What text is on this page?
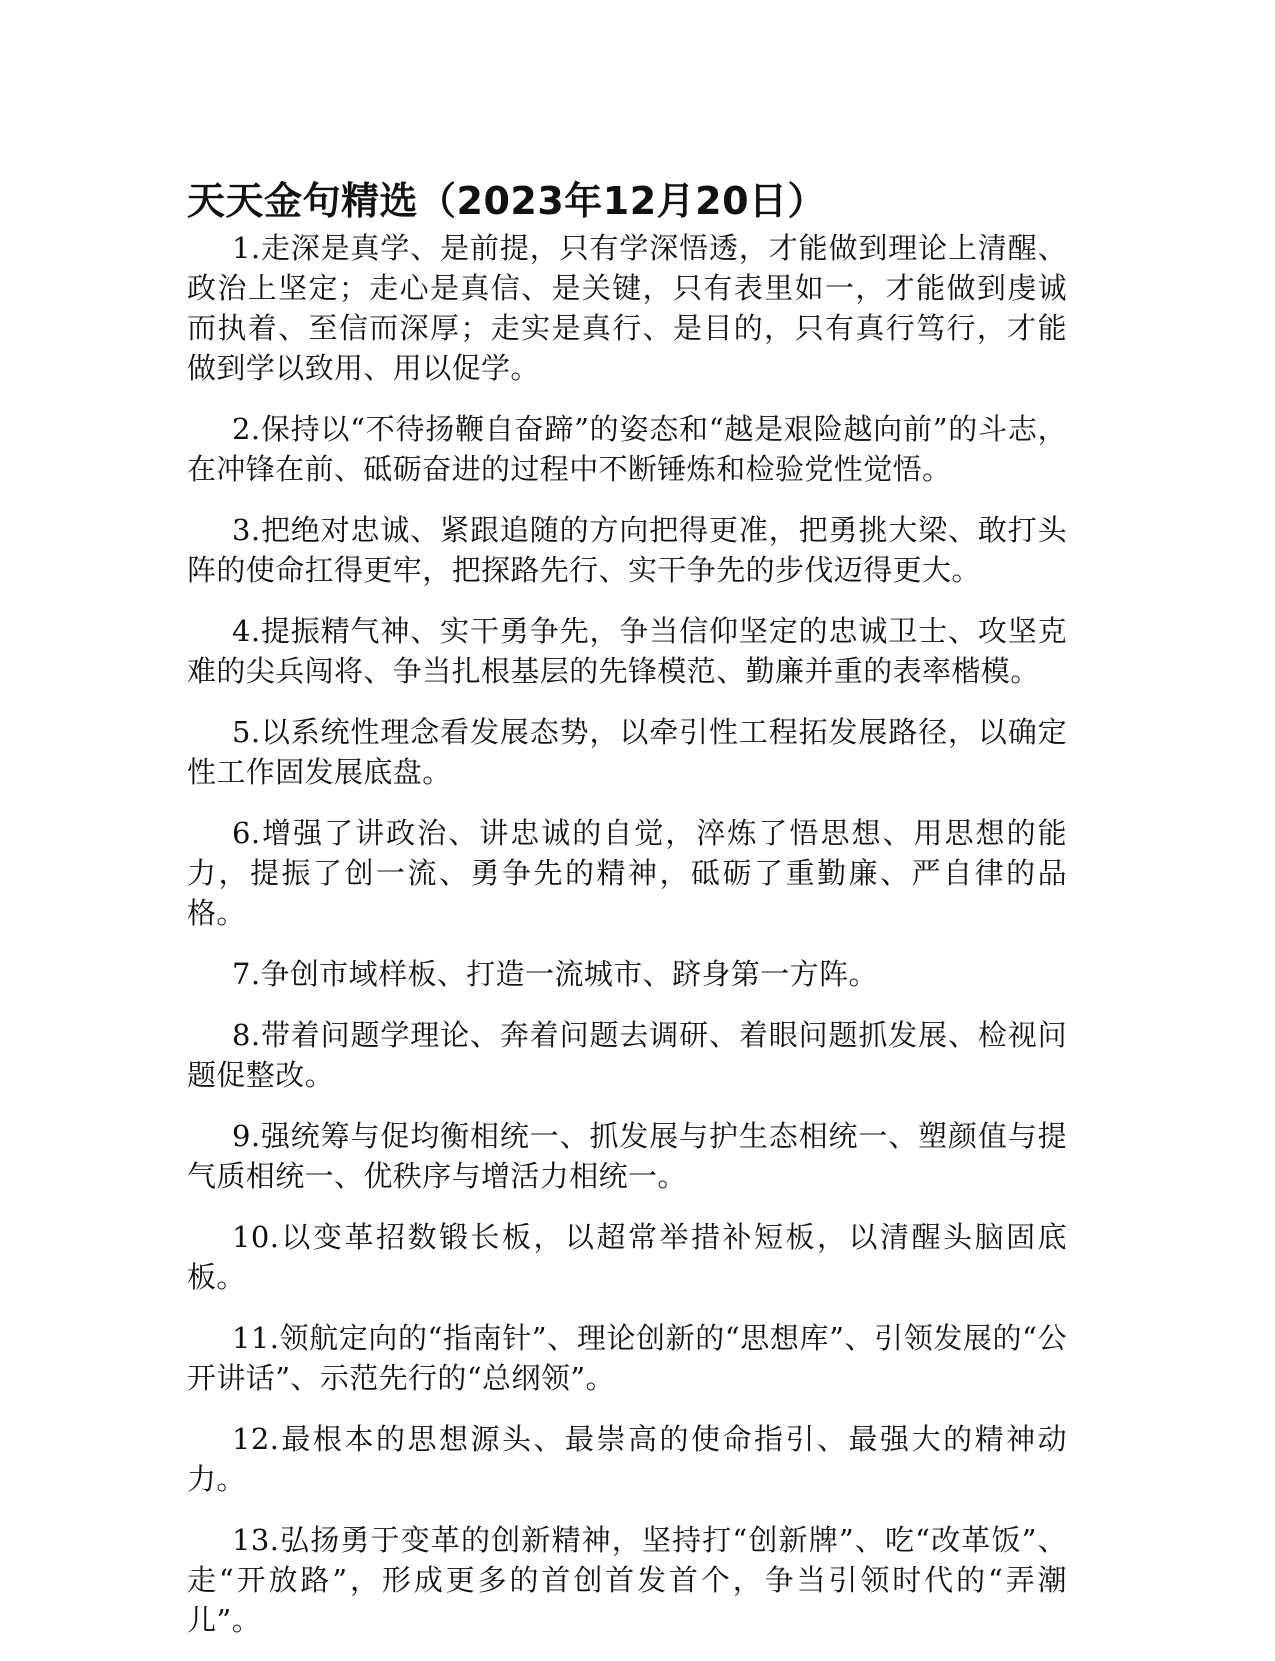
天天金句精选（2023年12月20日）

1.走深是真学、是前提，只有学深悟透，才能做到理论上清醒、政治上坚定；走心是真信、是关键，只有表里如一，才能做到虔诚而执着、至信而深厚；走实是真行、是目的，只有真行笃行，才能做到学以致用、用以促学。

2.保持以“不待扬鞭自奋蹄”的姿态和“越是艰险越向前”的斗志，在冲锋在前、砥砺奋进的过程中不断锤炼和检验党性觉悟。

3.把绝对忠诚、紧跟追随的方向把得更准，把勇挑大梁、敢打头阵的使命扛得更牢，把探路先行、实干争先的步伐迈得更大。

4.提振精气神、实干勇争先，争当信仰坚定的忠诚卫士、攻坚克难的尖兵闯将、争当扎根基层的先锋模范、勤廉并重的表率楷模。

5.以系统性理念看发展态势，以牵引性工程拓发展路径，以确定性工作固发展底盘。

6.增强了讲政治、讲忠诚的自觉，淬炼了悟思想、用思想的能力，提振了创一流、勇争先的精神，砥砺了重勤廉、严自律的品格。

7.争创市域样板、打造一流城市、跻身第一方阵。

8.带着问题学理论、奔着问题去调研、着眼问题抓发展、检视问题促整改。

9.强统筹与促均衡相统一、抓发展与护生态相统一、塑颜值与提气质相统一、优秩序与增活力相统一。

10.以变革招数锻长板，以超常举措补短板，以清醒头脑固底板。

11.领航定向的“指南针”、理论创新的“思想库”、引领发展的“公开讲话”、示范先行的“总纲领”。

12.最根本的思想源头、最崇高的使命指引、最强大的精神动力。

13.弘扬勇于变革的创新精神，坚持打“创新牌”、吃“改革饭”、走“开放路”，形成更多的首创首发首个，争当引领时代的“弄潮儿”。
